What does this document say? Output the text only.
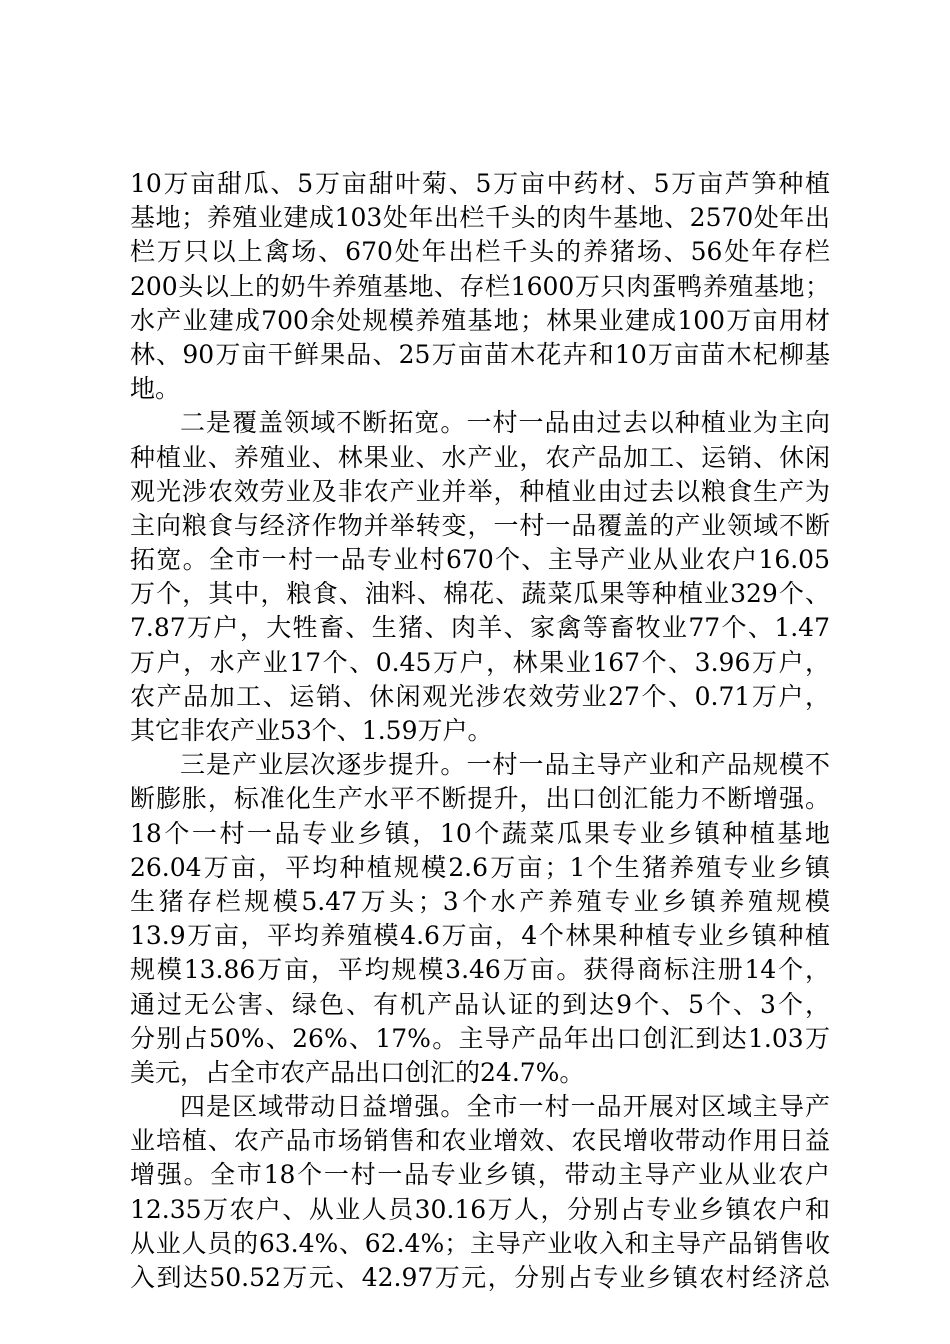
10万亩甜瓜、5万亩甜叶菊、5万亩中药材、5万亩芦笋种植
基地；养殖业建成103处年出栏千头的肉牛基地、2570处年出
栏万只以上禽场、670处年出栏千头的养猪场、56处年存栏
200头以上的奶牛养殖基地、存栏1600万只肉蛋鸭养殖基地；
水产业建成700余处规模养殖基地；林果业建成100万亩用材
林、90万亩干鲜果品、25万亩苗木花卉和10万亩苗木杞柳基
地。
二是覆盖领域不断拓宽。一村一品由过去以种植业为主向
种植业、养殖业、林果业、水产业，农产品加工、运销、休闲
观光涉农效劳业及非农产业并举，种植业由过去以粮食生产为
主向粮食与经济作物并举转变，一村一品覆盖的产业领域不断
拓宽。全市一村一品专业村670个、主导产业从业农户16.05
万个，其中，粮食、油料、棉花、蔬菜瓜果等种植业329个、
7.87万户，大牲畜、生猪、肉羊、家禽等畜牧业77个、1.47
万户，水产业17个、0.45万户，林果业167个、3.96万户，
农产品加工、运销、休闲观光涉农效劳业27个、0.71万户，
其它非农产业53个、1.59万户。
三是产业层次逐步提升。一村一品主导产业和产品规模不
断膨胀，标准化生产水平不断提升，出口创汇能力不断增强。
18个一村一品专业乡镇，10个蔬菜瓜果专业乡镇种植基地
26.04万亩，平均种植规模2.6万亩；1个生猪养殖专业乡镇
生猪存栏规模5.47万头；3个水产养殖专业乡镇养殖规模
13.9万亩，平均养殖模4.6万亩，4个林果种植专业乡镇种植
规模13.86万亩，平均规模3.46万亩。获得商标注册14个，
通过无公害、绿色、有机产品认证的到达9个、5个、3个，
分别占50%、26%、17%。主导产品年出口创汇到达1.03万
美元，占全市农产品出口创汇的24.7%。
四是区域带动日益增强。全市一村一品开展对区域主导产
业培植、农产品市场销售和农业增效、农民增收带动作用日益
增强。全市18个一村一品专业乡镇，带动主导产业从业农户
12.35万农户、从业人员30.16万人，分别占专业乡镇农户和
从业人员的63.4%、62.4%；主导产业收入和主导产品销售收
入到达50.52万元、42.97万元，分别占专业乡镇农村经济总
